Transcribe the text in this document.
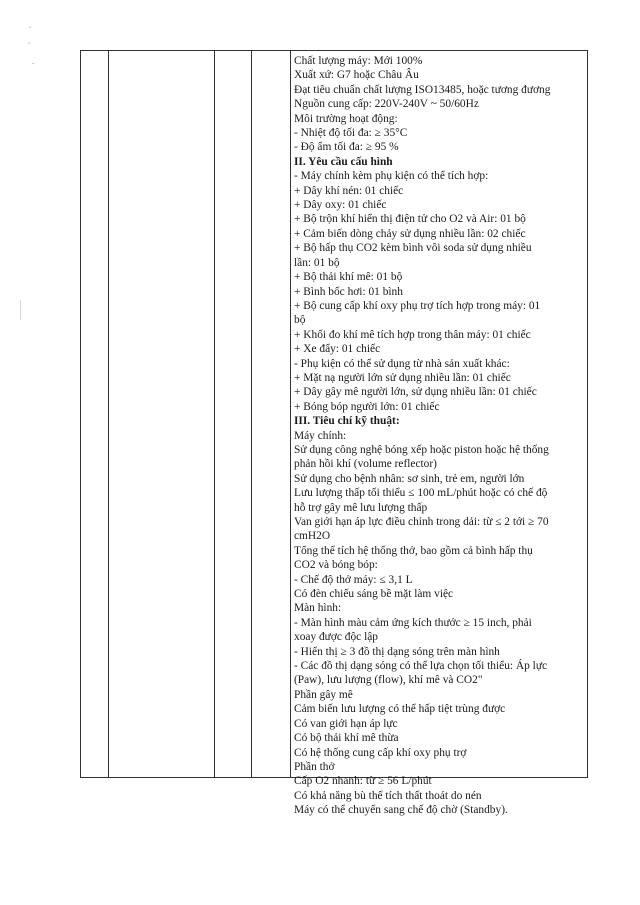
ˇ
ˆ
ˉ	Chất lượng máy: Mới 100%
Xuất xứ: G7 hoặc Châu Âu
Đạt tiêu chuẩn chất lượng ISO13485, hoặc tương đương
Nguồn cung cấp: 220V-240V ~ 50/60Hz
Môi trường hoạt động:
- Nhiệt độ tối đa: ≥ 35°C
- Độ ẩm tối đa: ≥ 95 %
II. Yêu cầu cấu hình
- Máy chính kèm phụ kiện có thể tích hợp:
+ Dây khí nén: 01 chiếc
+ Dây oxy: 01 chiếc
+ Bộ trộn khí hiển thị điện tử cho O2 và Air: 01 bộ
+ Cảm biến dòng chảy sử dụng nhiều lần: 02 chiếc
+ Bộ hấp thụ CO2 kèm bình vôi soda sử dụng nhiều
lần: 01 bộ
+ Bộ thải khí mê: 01 bộ
+ Bình bốc hơi: 01 bình
+ Bộ cung cấp khí oxy phụ trợ tích hợp trong máy: 01
bộ
+ Khối đo khí mê tích hợp trong thân máy: 01 chiếc
+ Xe đẩy: 01 chiếc
- Phụ kiện có thể sử dụng từ nhà sản xuất khác:
+ Mặt nạ người lớn sử dụng nhiều lần: 01 chiếc
+ Dây gây mê người lớn, sử dụng nhiều lần: 01 chiếc
+ Bóng bóp người lớn: 01 chiếc
III. Tiêu chí kỹ thuật:
Máy chính:
Sử dụng công nghệ bóng xếp hoặc piston hoặc hệ thống
phản hồi khí (volume reflector)
Sử dụng cho bệnh nhân: sơ sinh, trẻ em, người lớn
Lưu lượng thấp tối thiểu ≤ 100 mL/phút hoặc có chế độ
hỗ trợ gây mê lưu lượng thấp
Van giới hạn áp lực điều chỉnh trong dải: từ ≤ 2 tới ≥ 70
cmH2O
Tổng thể tích hệ thống thở, bao gồm cả bình hấp thụ
CO2 và bóng bóp:
- Chế độ thở máy: ≤ 3,1 L
Có đèn chiếu sáng bề mặt làm việc
Màn hình:
- Màn hình màu cảm ứng kích thước ≥ 15 inch, phải
xoay được độc lập
- Hiển thị ≥ 3 đồ thị dạng sóng trên màn hình
- Các đồ thị dạng sóng có thể lựa chọn tối thiểu: Áp lực
(Paw), lưu lượng (flow), khí mê và CO2"
Phần gây mê
Cảm biến lưu lượng có thể hấp tiệt trùng được
Có van giới hạn áp lực
Có bộ thải khí mê thừa
Có hệ thống cung cấp khí oxy phụ trợ
Phần thở
Cấp O2 nhanh: từ ≥ 56 L/phút
Có khả năng bù thể tích thất thoát do nén
Máy có thể chuyển sang chế độ chờ (Standby).
